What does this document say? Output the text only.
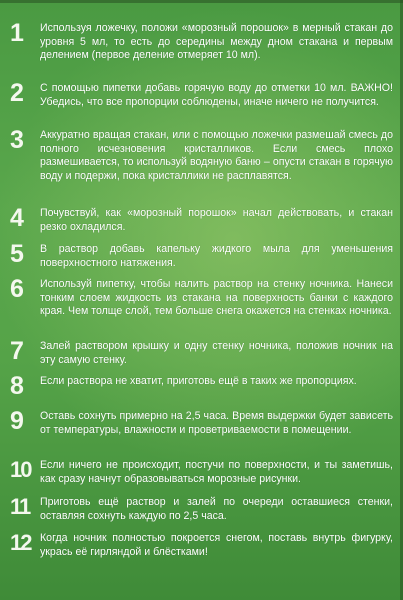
1	Используя ложечку, положи «морозный порошок» в мерный стакан до уровня 5 мл, то есть до середины между дном стакана и первым делением (первое деление отмеряет 10 мл).
2	С помощью пипетки добавь горячую воду до отметки 10 мл. ВАЖНО! Убедись, что все пропорции соблюдены, иначе ничего не получится.
3	Аккуратно вращая стакан, или с помощью ложечки размешай смесь до полного исчезновения кристалликов. Если смесь плохо размешивается, то используй водяную баню – опусти стакан в горячую воду и подержи, пока кристаллики не расплавятся.
4	Почувствуй, как «морозный порошок» начал действовать, и стакан резко охладился.
5	В раствор добавь капельку жидкого мыла для уменьшения поверхностного натяжения.
6	Используй пипетку, чтобы налить раствор на стенку ночника. Нанеси тонким слоем жидкость из стакана на поверхность банки с каждого края. Чем толще слой, тем больше снега окажется на стенках ночника.
7	Залей раствором крышку и одну стенку ночника, положив ночник на эту самую стенку.
8	Если раствора не хватит, приготовь ещё в таких же пропорциях.
9	Оставь сохнуть примерно на 2,5 часа. Время выдержки будет зависеть от температуры, влажности и проветриваемости в помещении.
10 Если ничего не происходит, постучи по поверхности, и ты заметишь, как сразу начнут образовываться морозные рисунки.
11	Приготовь ещё раствор и залей по очереди оставшиеся стенки, оставляя сохнуть каждую по 2,5 часа.
12 Когда ночник полностью покроется снегом, поставь внутрь фигурку, укрась её гирляндой и блёстками!
